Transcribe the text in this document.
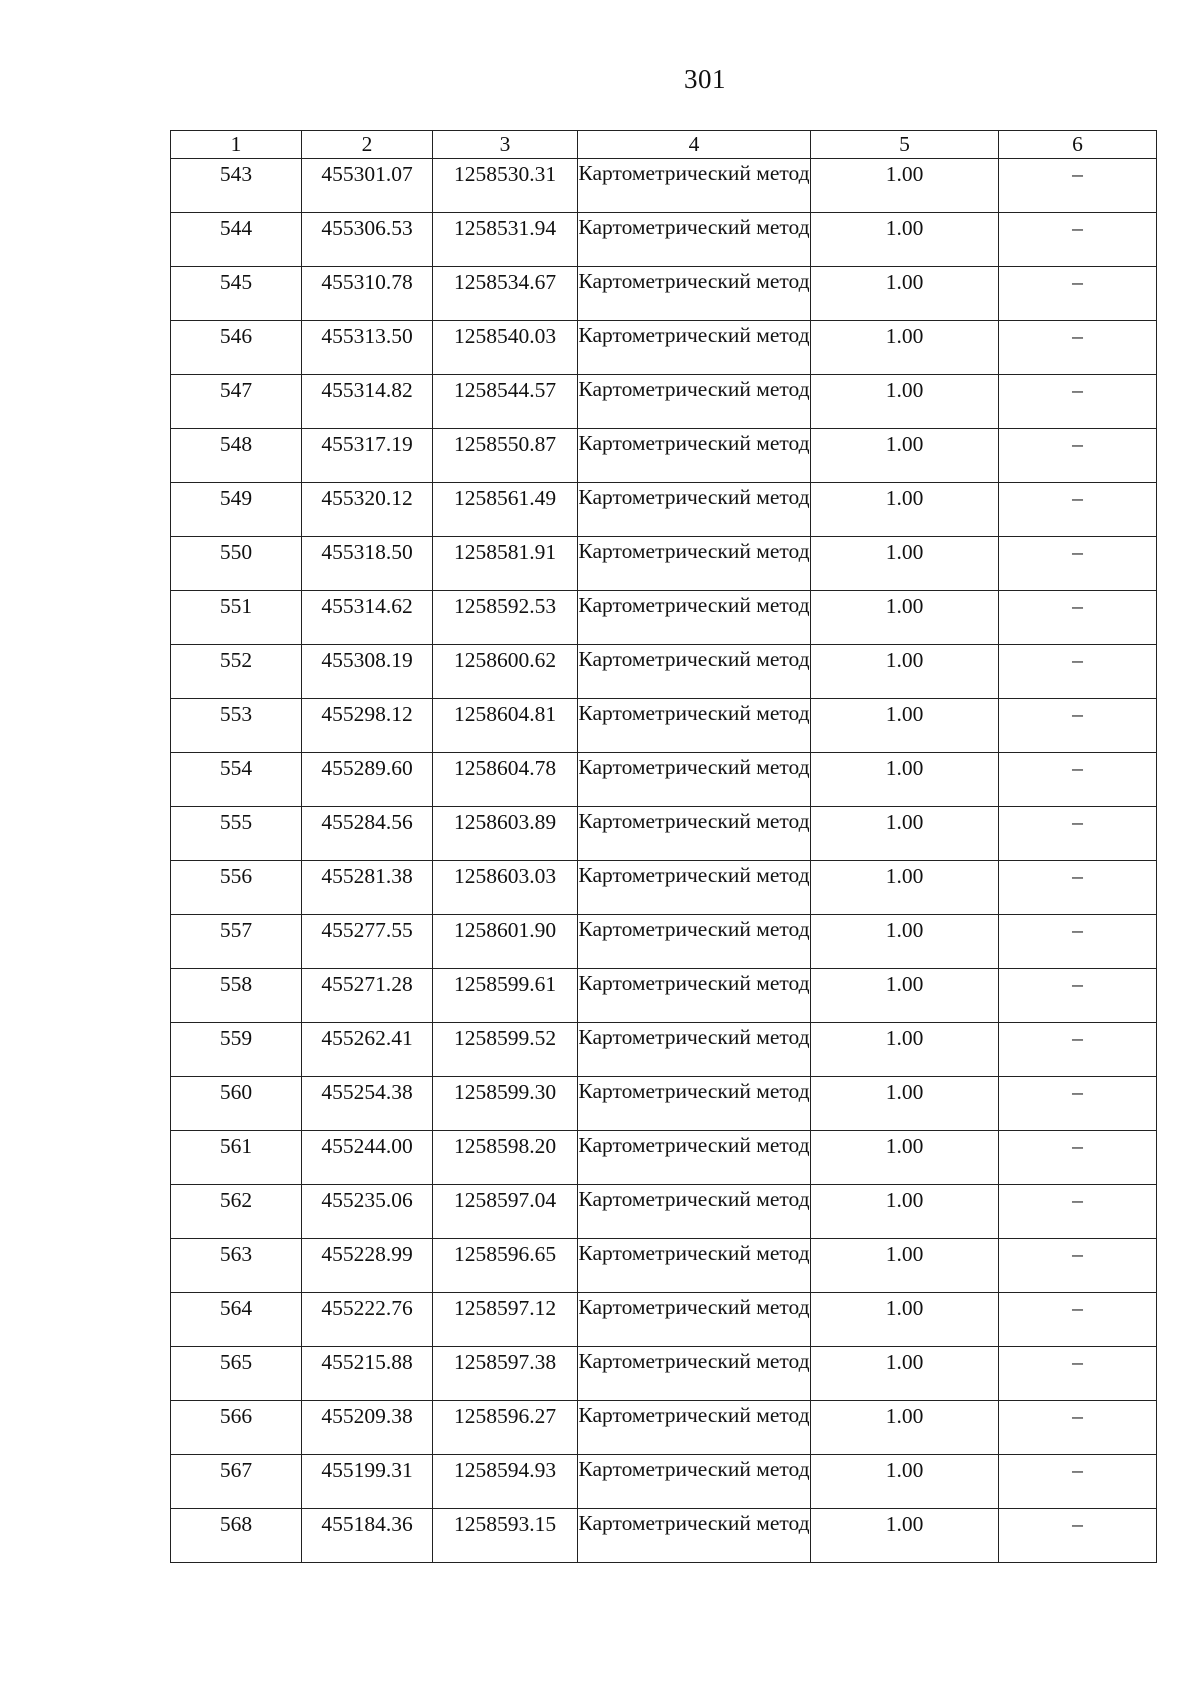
301
1	2	3	4	5	6
543	455301.07	1258530.31	Картометрический метод	1.00	–
544	455306.53	1258531.94	Картометрический метод	1.00	–
545	455310.78	1258534.67	Картометрический метод	1.00	–
546	455313.50	1258540.03	Картометрический метод	1.00	–
547	455314.82	1258544.57	Картометрический метод	1.00	–
548	455317.19	1258550.87	Картометрический метод	1.00	–
549	455320.12	1258561.49	Картометрический метод	1.00	–
550	455318.50	1258581.91	Картометрический метод	1.00	–
551	455314.62	1258592.53	Картометрический метод	1.00	–
552	455308.19	1258600.62	Картометрический метод	1.00	–
553	455298.12	1258604.81	Картометрический метод	1.00	–
554	455289.60	1258604.78	Картометрический метод	1.00	–
555	455284.56	1258603.89	Картометрический метод	1.00	–
556	455281.38	1258603.03	Картометрический метод	1.00	–
557	455277.55	1258601.90	Картометрический метод	1.00	–
558	455271.28	1258599.61	Картометрический метод	1.00	–
559	455262.41	1258599.52	Картометрический метод	1.00	–
560	455254.38	1258599.30	Картометрический метод	1.00	–
561	455244.00	1258598.20	Картометрический метод	1.00	–
562	455235.06	1258597.04	Картометрический метод	1.00	–
563	455228.99	1258596.65	Картометрический метод	1.00	–
564	455222.76	1258597.12	Картометрический метод	1.00	–
565	455215.88	1258597.38	Картометрический метод	1.00	–
566	455209.38	1258596.27	Картометрический метод	1.00	–
567	455199.31	1258594.93	Картометрический метод	1.00	–
568	455184.36	1258593.15	Картометрический метод	1.00	–
